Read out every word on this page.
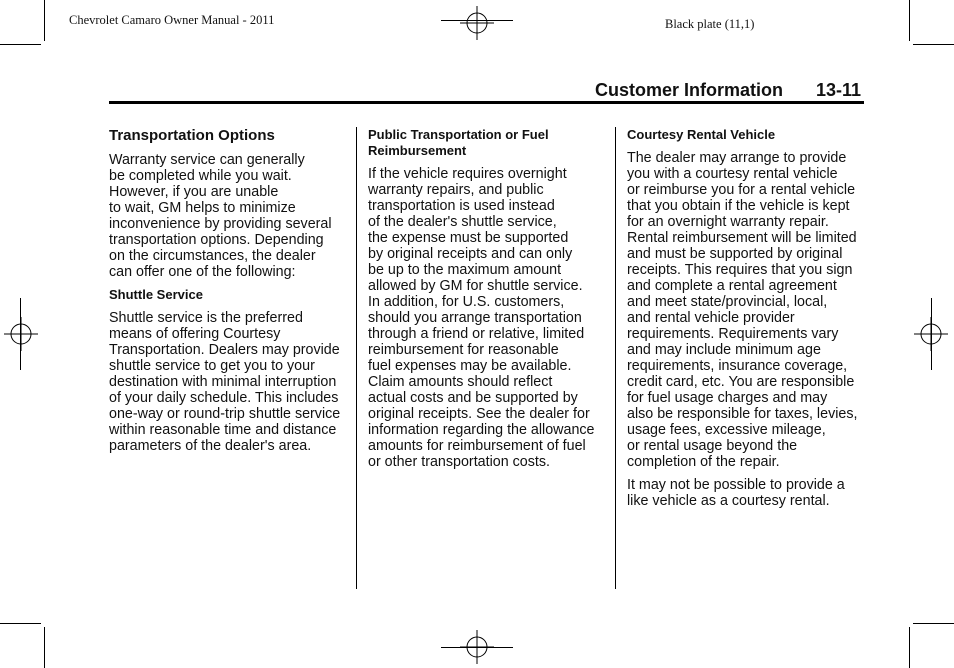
Chevrolet Camaro Owner Manual - 2011	Black plate (11,1)
Customer Information 13-11
Transportation Options

Warranty service can generally
be completed while you wait.
However, if you are unable
to wait, GM helps to minimize
inconvenience by providing several
transportation options. Depending
on the circumstances, the dealer
can offer one of the following:

Shuttle Service

Shuttle service is the preferred
means of offering Courtesy
Transportation. Dealers may provide
shuttle service to get you to your
destination with minimal interruption
of your daily schedule. This includes
one-way or round-trip shuttle service
within reasonable time and distance
parameters of the dealer's area.

Public Transportation or Fuel
Reimbursement

If the vehicle requires overnight
warranty repairs, and public
transportation is used instead
of the dealer's shuttle service,
the expense must be supported
by original receipts and can only
be up to the maximum amount
allowed by GM for shuttle service.
In addition, for U.S. customers,
should you arrange transportation
through a friend or relative, limited
reimbursement for reasonable
fuel expenses may be available.
Claim amounts should reflect
actual costs and be supported by
original receipts. See the dealer for
information regarding the allowance
amounts for reimbursement of fuel
or other transportation costs.

Courtesy Rental Vehicle

The dealer may arrange to provide
you with a courtesy rental vehicle
or reimburse you for a rental vehicle
that you obtain if the vehicle is kept
for an overnight warranty repair.
Rental reimbursement will be limited
and must be supported by original
receipts. This requires that you sign
and complete a rental agreement
and meet state/provincial, local,
and rental vehicle provider
requirements. Requirements vary
and may include minimum age
requirements, insurance coverage,
credit card, etc. You are responsible
for fuel usage charges and may
also be responsible for taxes, levies,
usage fees, excessive mileage,
or rental usage beyond the
completion of the repair.

It may not be possible to provide a
like vehicle as a courtesy rental.
